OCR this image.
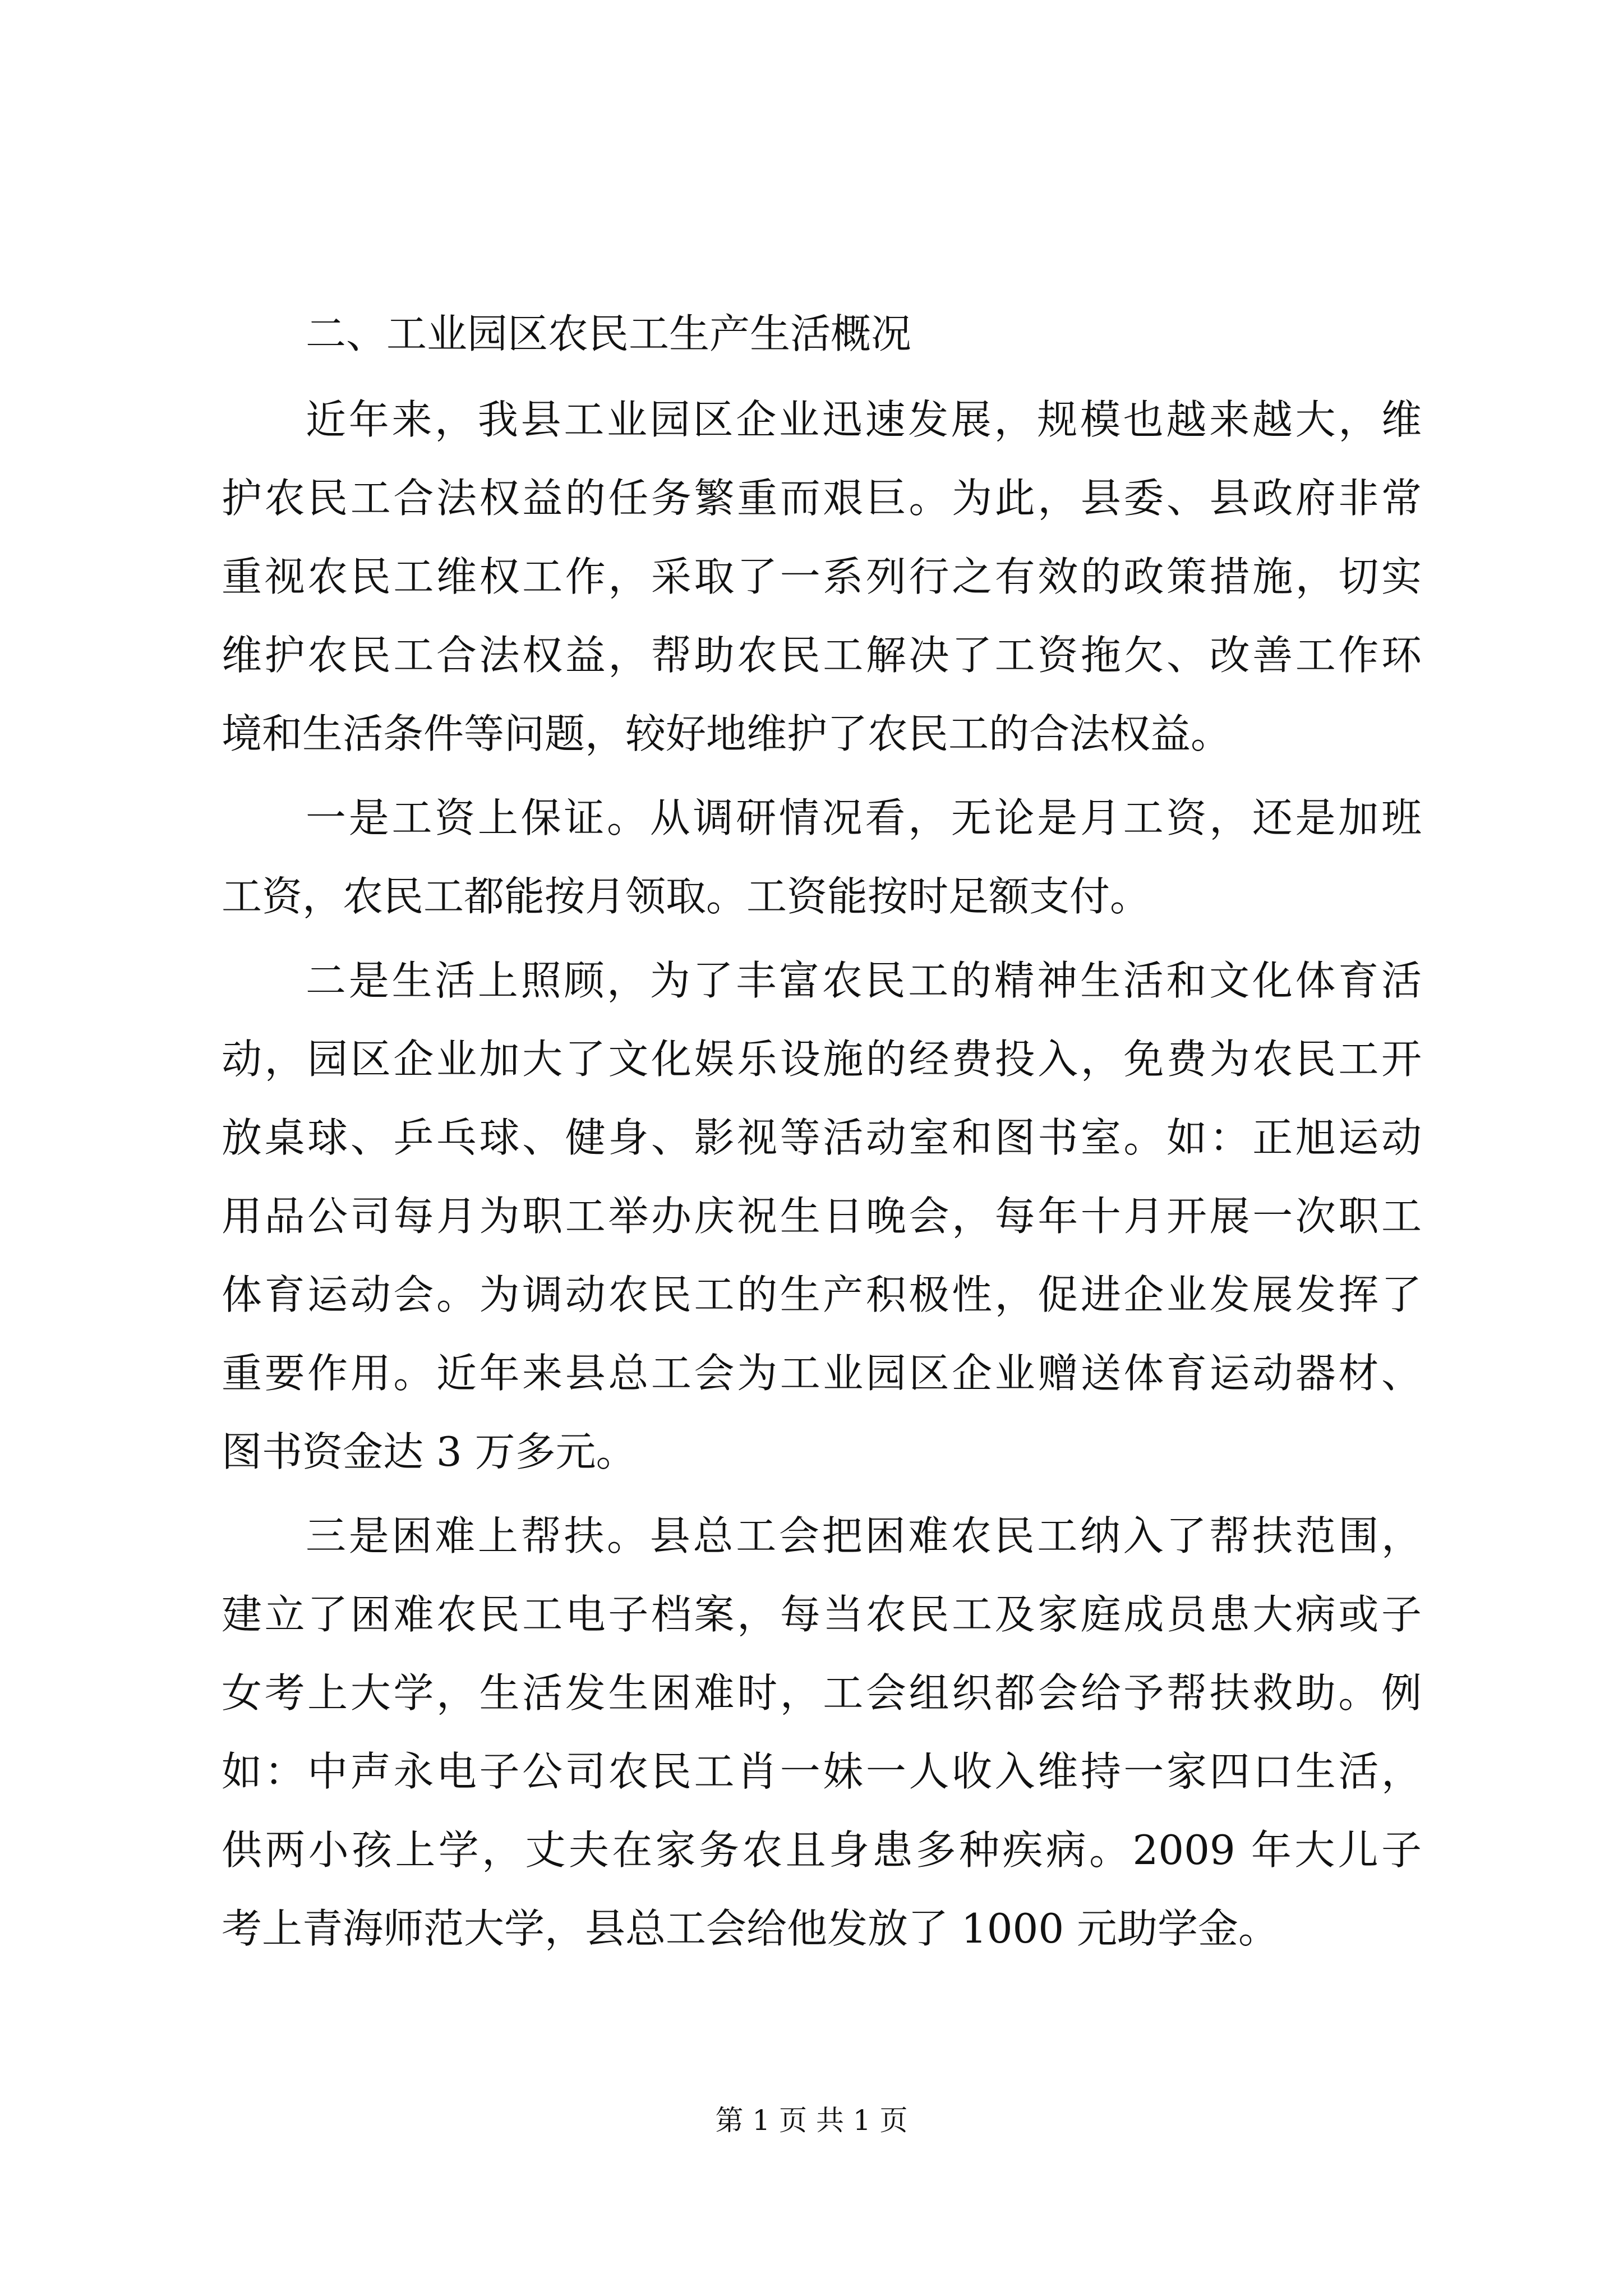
二、工业园区农民工生产生活概况
近年来，我县工业园区企业迅速发展，规模也越来越大，维
护农民工合法权益的任务繁重而艰巨。为此，县委、县政府非常
重视农民工维权工作，采取了一系列行之有效的政策措施，切实
维护农民工合法权益，帮助农民工解决了工资拖欠、改善工作环
境和生活条件等问题，较好地维护了农民工的合法权益。
一是工资上保证。从调研情况看，无论是月工资，还是加班
工资，农民工都能按月领取。工资能按时足额支付。
二是生活上照顾，为了丰富农民工的精神生活和文化体育活
动，园区企业加大了文化娱乐设施的经费投入，免费为农民工开
放桌球、乒乓球、健身、影视等活动室和图书室。如：正旭运动
用品公司每月为职工举办庆祝生日晚会，每年十月开展一次职工
体育运动会。为调动农民工的生产积极性，促进企业发展发挥了
重要作用。近年来县总工会为工业园区企业赠送体育运动器材、
图书资金达 3 万多元。
三是困难上帮扶。县总工会把困难农民工纳入了帮扶范围，
建立了困难农民工电子档案，每当农民工及家庭成员患大病或子
女考上大学，生活发生困难时，工会组织都会给予帮扶救助。例
如：中声永电子公司农民工肖一妹一人收入维持一家四口生活，
供两小孩上学，丈夫在家务农且身患多种疾病。2009 年大儿子
考上青海师范大学，县总工会给他发放了 1000 元助学金。
第 1 页 共 1 页
